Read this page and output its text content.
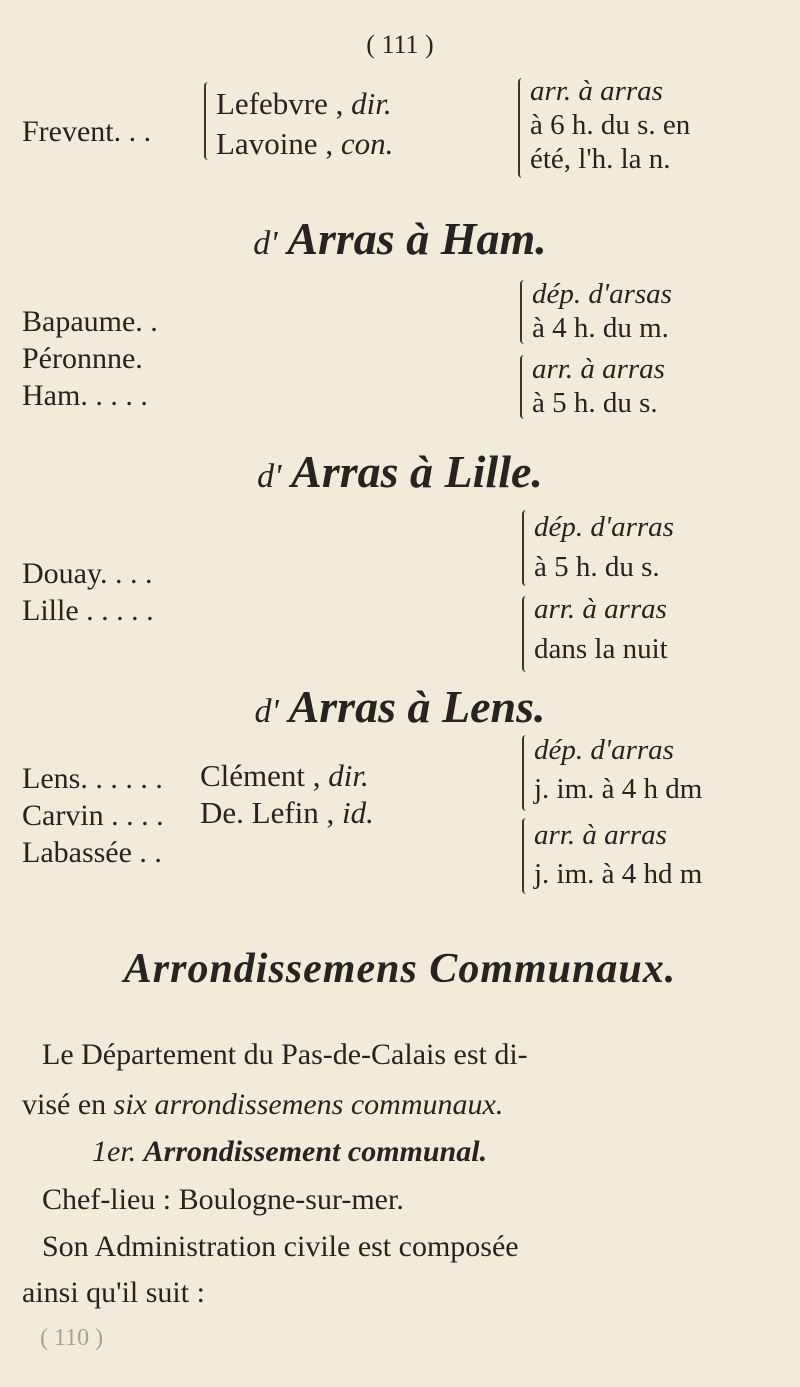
( 111 )
Frevent. . .
Lefebvre , dir.
Lavoine , con.
arr. à arras
à 6 h. du s. en
été, l'h. la n.
d' Arras à Ham.
Bapaume. .
Péronnne.
Ham. . . . .
dép. d'arsas
à 4 h. du m.
arr. à arras
à 5 h. du s.
d' Arras à Lille.
Douay. . . .
Lille . . . . .
dép. d'arras
à 5 h. du s.
arr. à arras
dans la nuit
d' Arras à Lens.
Lens. . . . . .
Carvin . . . .
Labassée . .
Clément , dir.
De. Lefin , id.
dép. d'arras
j. im. à 4 h dm
arr. à arras
j. im. à 4 hd m
Arrondissemens Communaux.
Le Département du Pas-de-Calais est di-
visé en six arrondissemens communaux.
1er. Arrondissement communal.
Chef-lieu : Boulogne-sur-mer.
Son Administration civile est composée
ainsi qu'il suit :
( 110 )
